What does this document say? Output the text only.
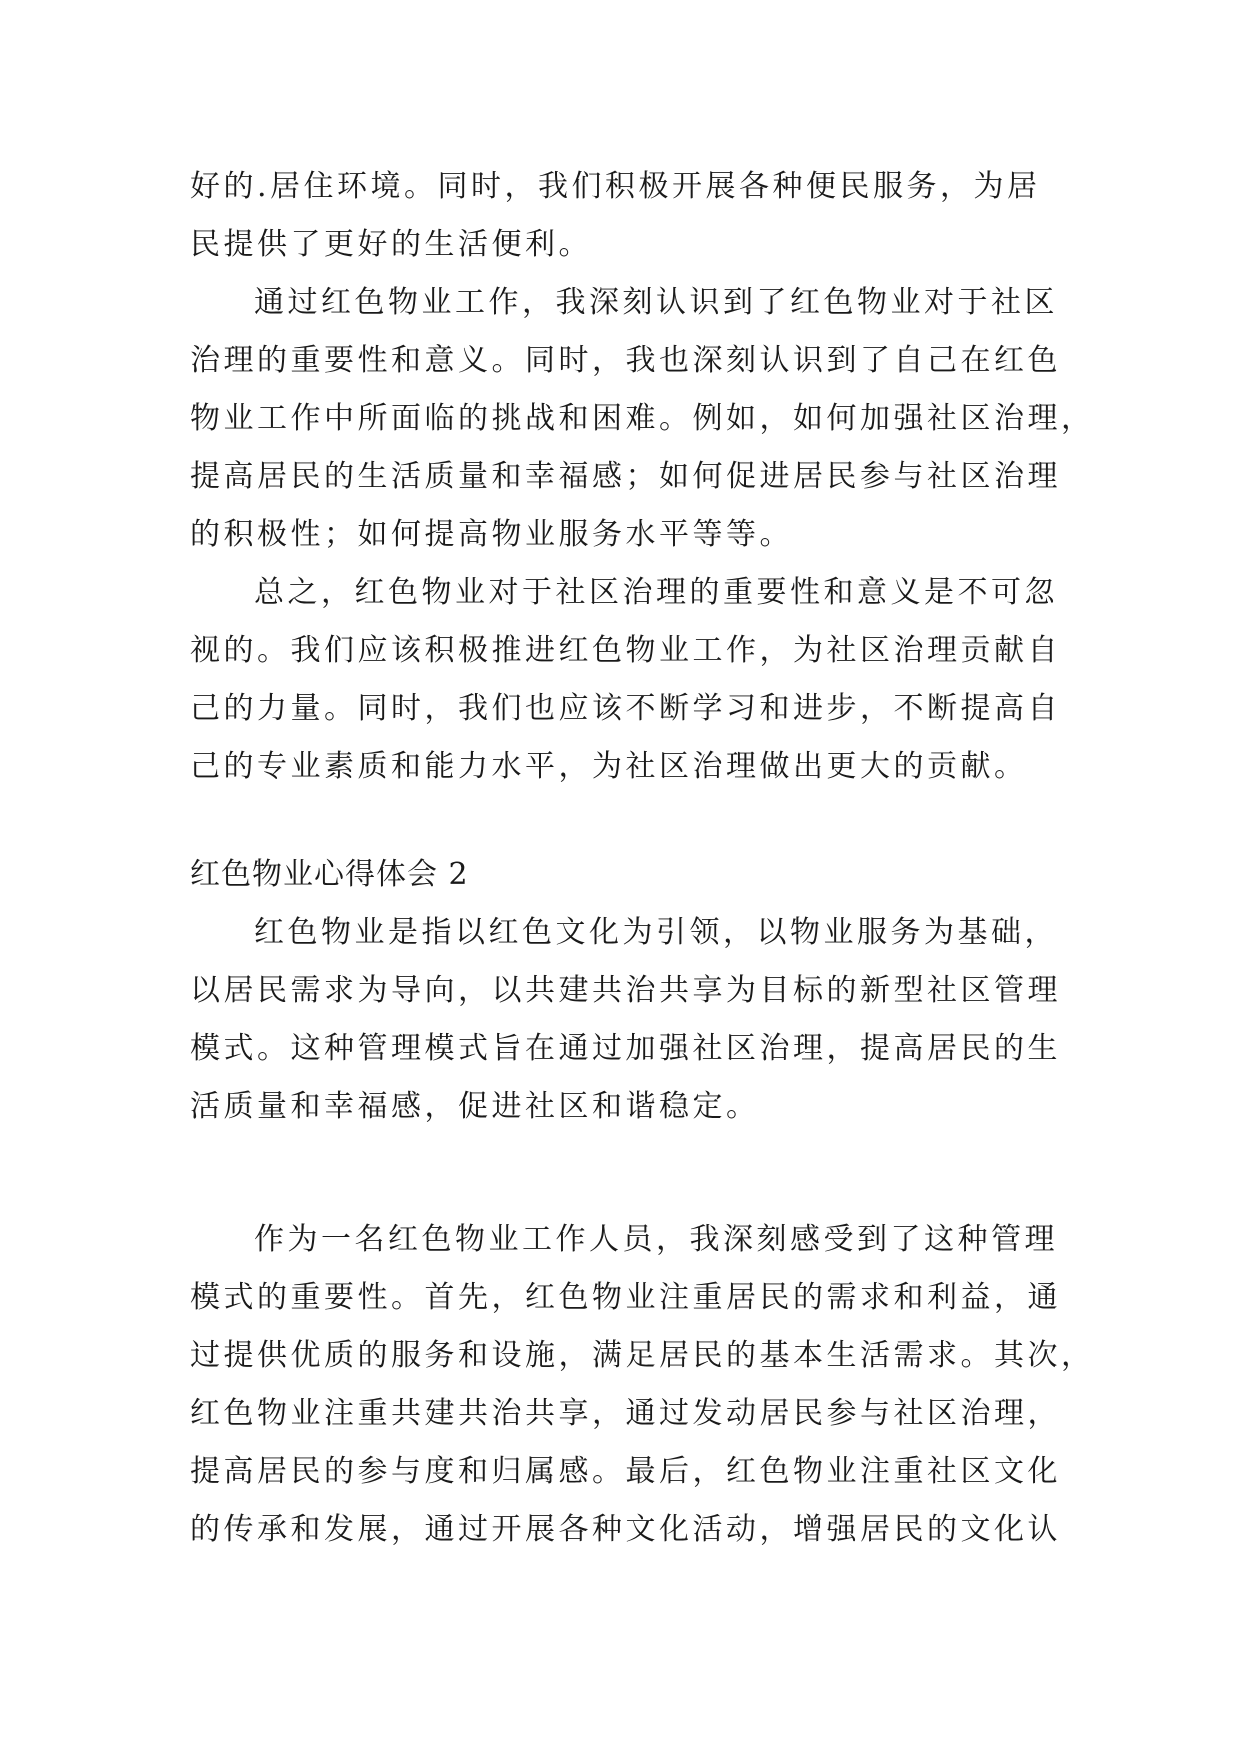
好的.居住环境。同时，我们积极开展各种便民服务，为居
民提供了更好的生活便利。
通过红色物业工作，我深刻认识到了红色物业对于社区
治理的重要性和意义。同时，我也深刻认识到了自己在红色
物业工作中所面临的挑战和困难。例如，如何加强社区治理，
提高居民的生活质量和幸福感；如何促进居民参与社区治理
的积极性；如何提高物业服务水平等等。
总之，红色物业对于社区治理的重要性和意义是不可忽
视的。我们应该积极推进红色物业工作，为社区治理贡献自
己的力量。同时，我们也应该不断学习和进步，不断提高自
己的专业素质和能力水平，为社区治理做出更大的贡献。
红色物业心得体会 2
红色物业是指以红色文化为引领，以物业服务为基础，
以居民需求为导向，以共建共治共享为目标的新型社区管理
模式。这种管理模式旨在通过加强社区治理，提高居民的生
活质量和幸福感，促进社区和谐稳定。
作为一名红色物业工作人员，我深刻感受到了这种管理
模式的重要性。首先，红色物业注重居民的需求和利益，通
过提供优质的服务和设施，满足居民的基本生活需求。其次，
红色物业注重共建共治共享，通过发动居民参与社区治理，
提高居民的参与度和归属感。最后，红色物业注重社区文化
的传承和发展，通过开展各种文化活动，增强居民的文化认
